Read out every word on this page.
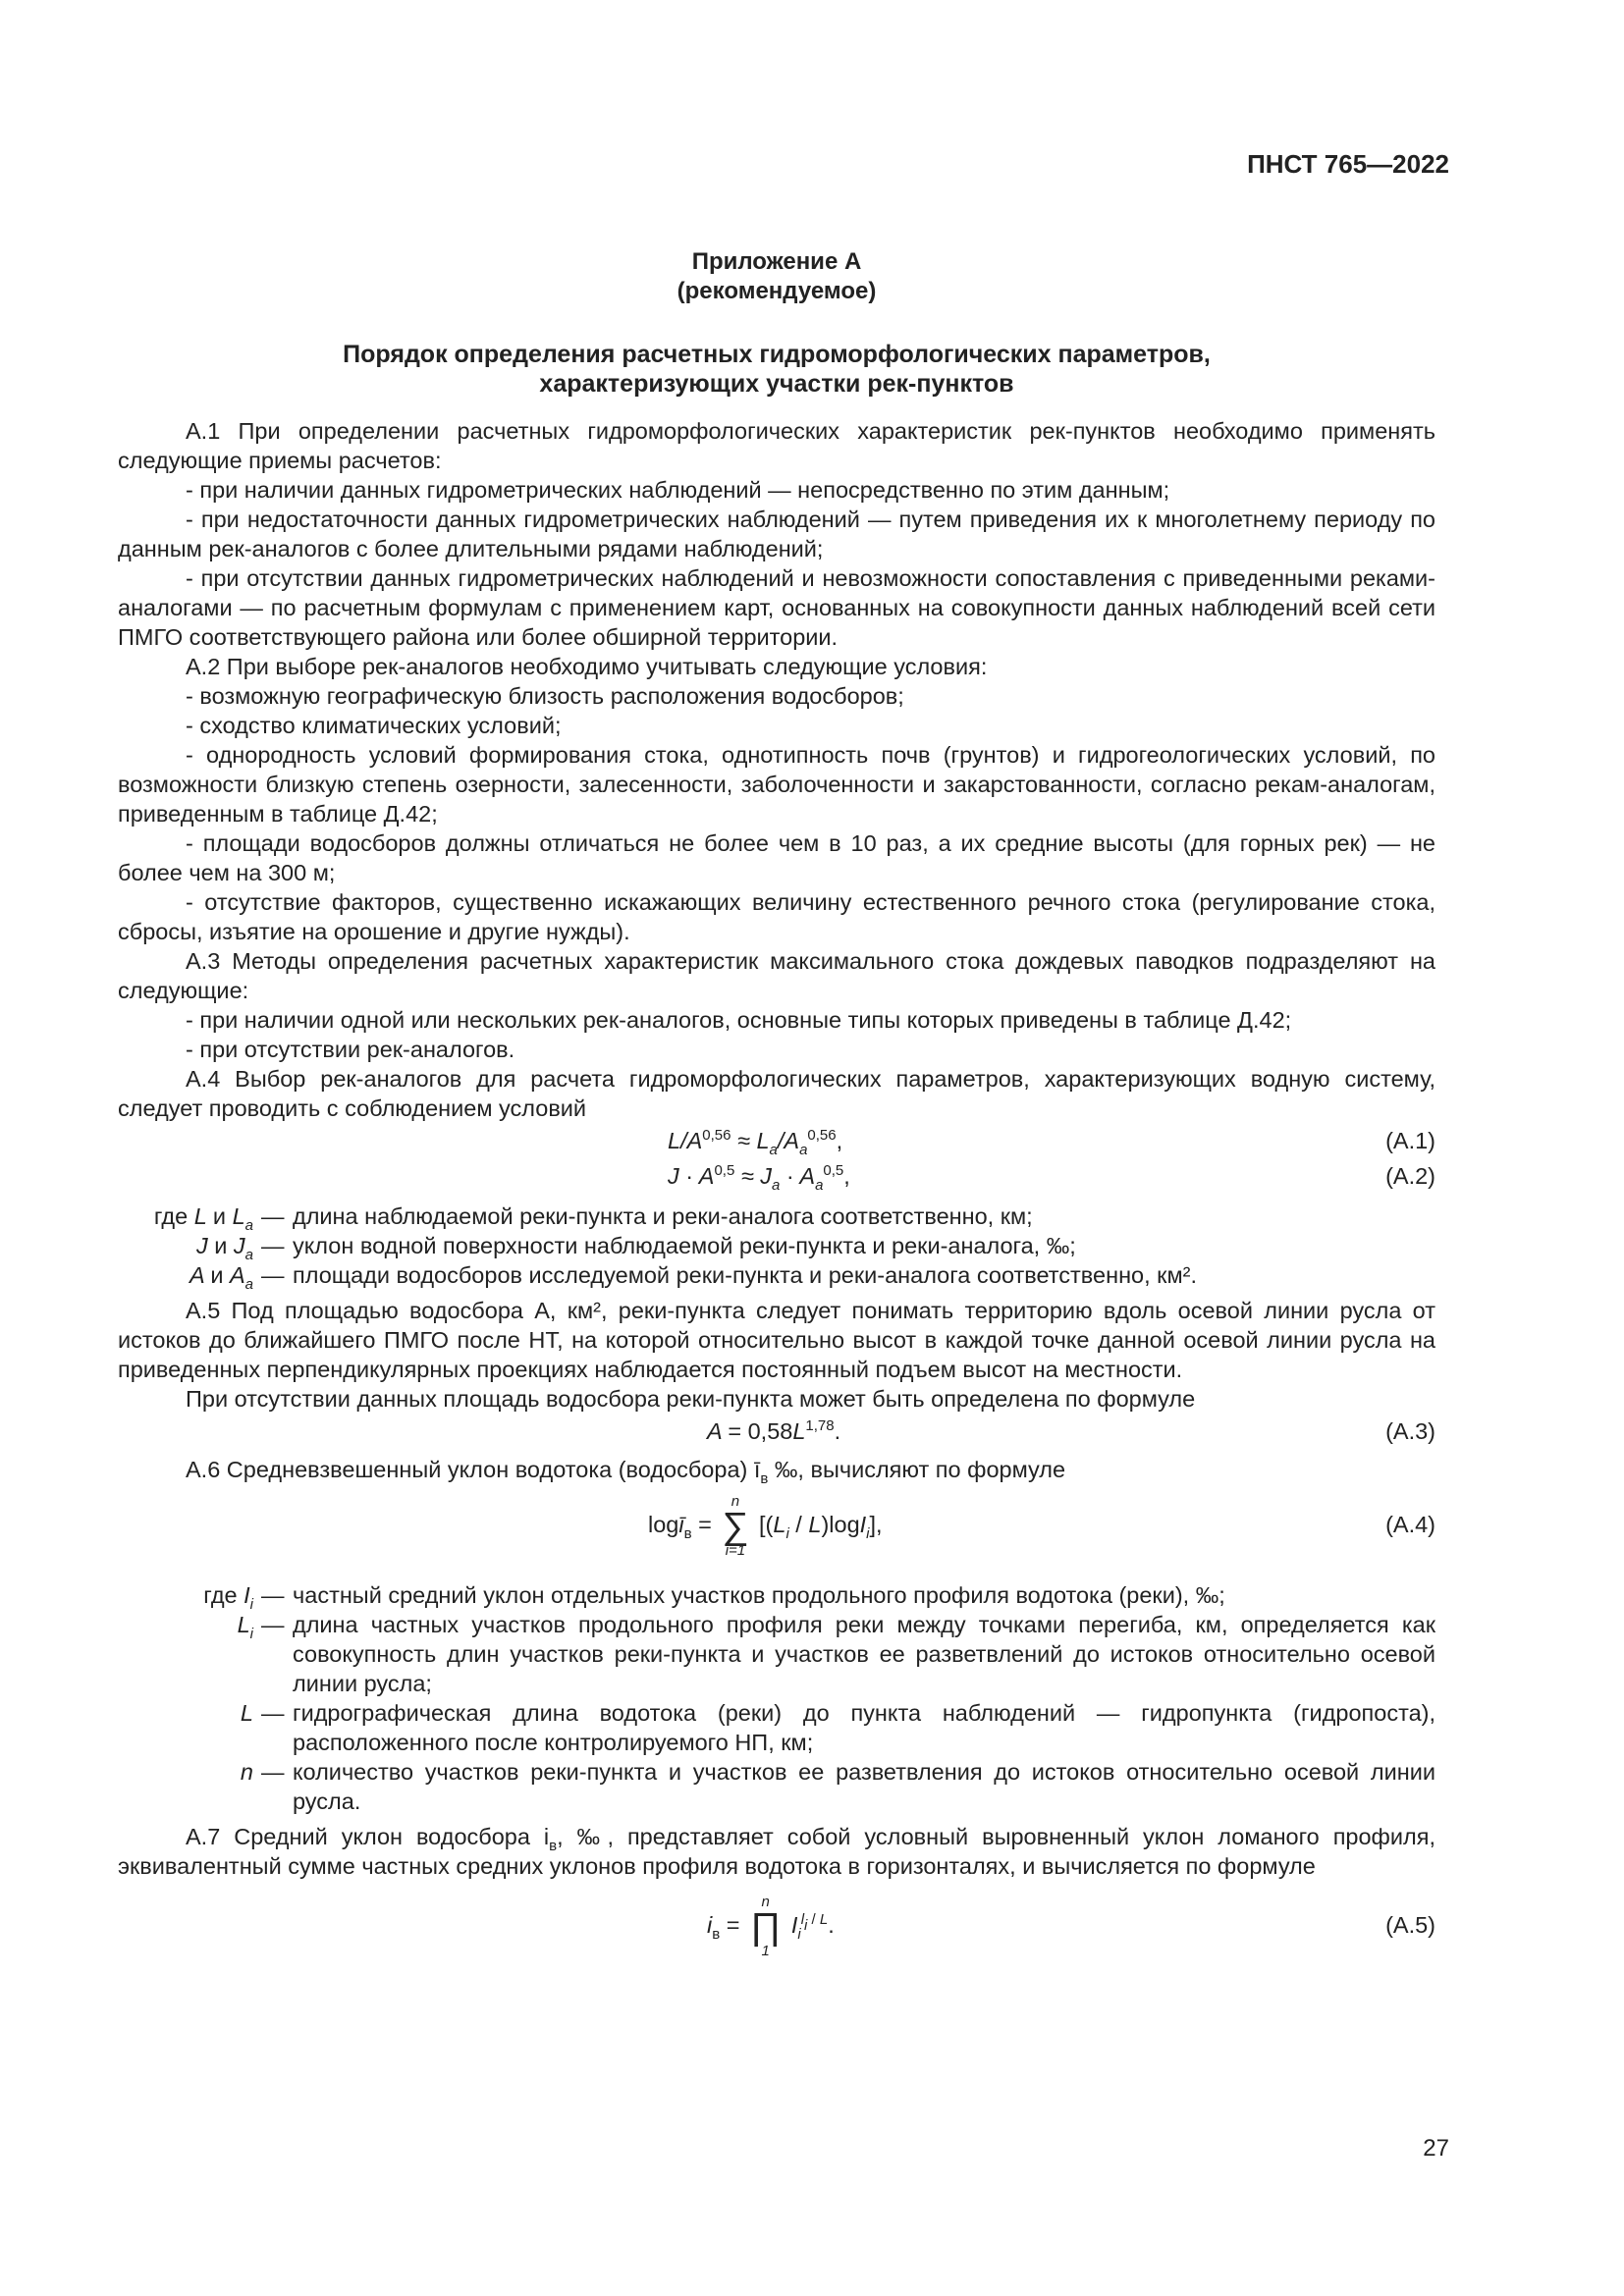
ПНСТ 765—2022
Приложение А
(рекомендуемое)
Порядок определения расчетных гидроморфологических параметров,
характеризующих участки рек-пунктов

А.1 При определении расчетных гидроморфологических характеристик рек-пунктов необходимо применять следующие приемы расчетов:

- при наличии данных гидрометрических наблюдений — непосредственно по этим данным;

- при недостаточности данных гидрометрических наблюдений — путем приведения их к многолетнему периоду по данным рек-аналогов с более длительными рядами наблюдений;

- при отсутствии данных гидрометрических наблюдений и невозможности сопоставления с приведенными реками-аналогами — по расчетным формулам с применением карт, основанных на совокупности данных наблюдений всей сети ПМГО соответствующего района или более обширной территории.

А.2 При выборе рек-аналогов необходимо учитывать следующие условия:

- возможную географическую близость расположения водосборов;

- сходство климатических условий;

- однородность условий формирования стока, однотипность почв (грунтов) и гидрогеологических условий, по возможности близкую степень озерности, залесенности, заболоченности и закарстованности, согласно рекам-аналогам, приведенным в таблице Д.42;

- площади водосборов должны отличаться не более чем в 10 раз, а их средние высоты (для горных рек) — не более чем на 300 м;

- отсутствие факторов, существенно искажающих величину естественного речного стока (регулирование стока, сбросы, изъятие на орошение и другие нужды).

А.3 Методы определения расчетных характеристик максимального стока дождевых паводков подразделяют на следующие:

- при наличии одной или нескольких рек-аналогов, основные типы которых приведены в таблице Д.42;

- при отсутствии рек-аналогов.

А.4 Выбор рек-аналогов для расчета гидроморфологических параметров, характеризующих водную систему, следует проводить с соблюдением условий

$L/A^{0,56} \approx L_a/A_a^{0,56}$,	(А.1)
$J \cdot A^{0,5} \approx J_a \cdot A_a^{0,5}$,	(А.2)
где L и $L_a$ — длина наблюдаемой реки-пункта и реки-аналога соответственно, км;
J и $J_a$ — уклон водной поверхности наблюдаемой реки-пункта и реки-аналога, ‰;
A и $A_a$ — площади водосборов исследуемой реки-пункта и реки-аналога соответственно, км².

А.5 Под площадью водосбора А, км², реки-пункта следует понимать территорию вдоль осевой линии русла от истоков до ближайшего ПМГО после НТ, на которой относительно высот в каждой точке данной осевой линии русла на приведенных перпендикулярных проекциях наблюдается постоянный подъем высот на местности.

При отсутствии данных площадь водосбора реки-пункта может быть определена по формуле

$A = 0,58L^{1,78}$.	(А.3)

А.6 Средневзвешенный уклон водотока (водосбора) $ī_в$ ‰, вычисляют по формуле

logī$_в$ =
n
∑
i=1
$[(L_i / L)\log I_i]$,	(А.4)
где $I_i$ — частный средний уклон отдельных участков продольного профиля водотока (реки), ‰;
$L_i$ — длина частных участков продольного профиля реки между точками перегиба, км, определяется как совокупность длин участков реки-пункта и участков ее разветвлений до истоков относительно осевой линии русла;
L — гидрографическая длина водотока (реки) до пункта наблюдений — гидропункта (гидропоста), расположенного после контролируемого НП, км;
n — количество участков реки-пункта и участков ее разветвления до истоков относительно осевой линии русла.

А.7 Средний уклон водосбора $i_в$, ‰, представляет собой условный выровненный уклон ломаного профиля, эквивалентный сумме частных средних уклонов профиля водотока в горизонталях, и вычисляется по формуле

$i_в$ =
n
∏
1
$I_i^{l_i / L}$.	(А.5)
27
